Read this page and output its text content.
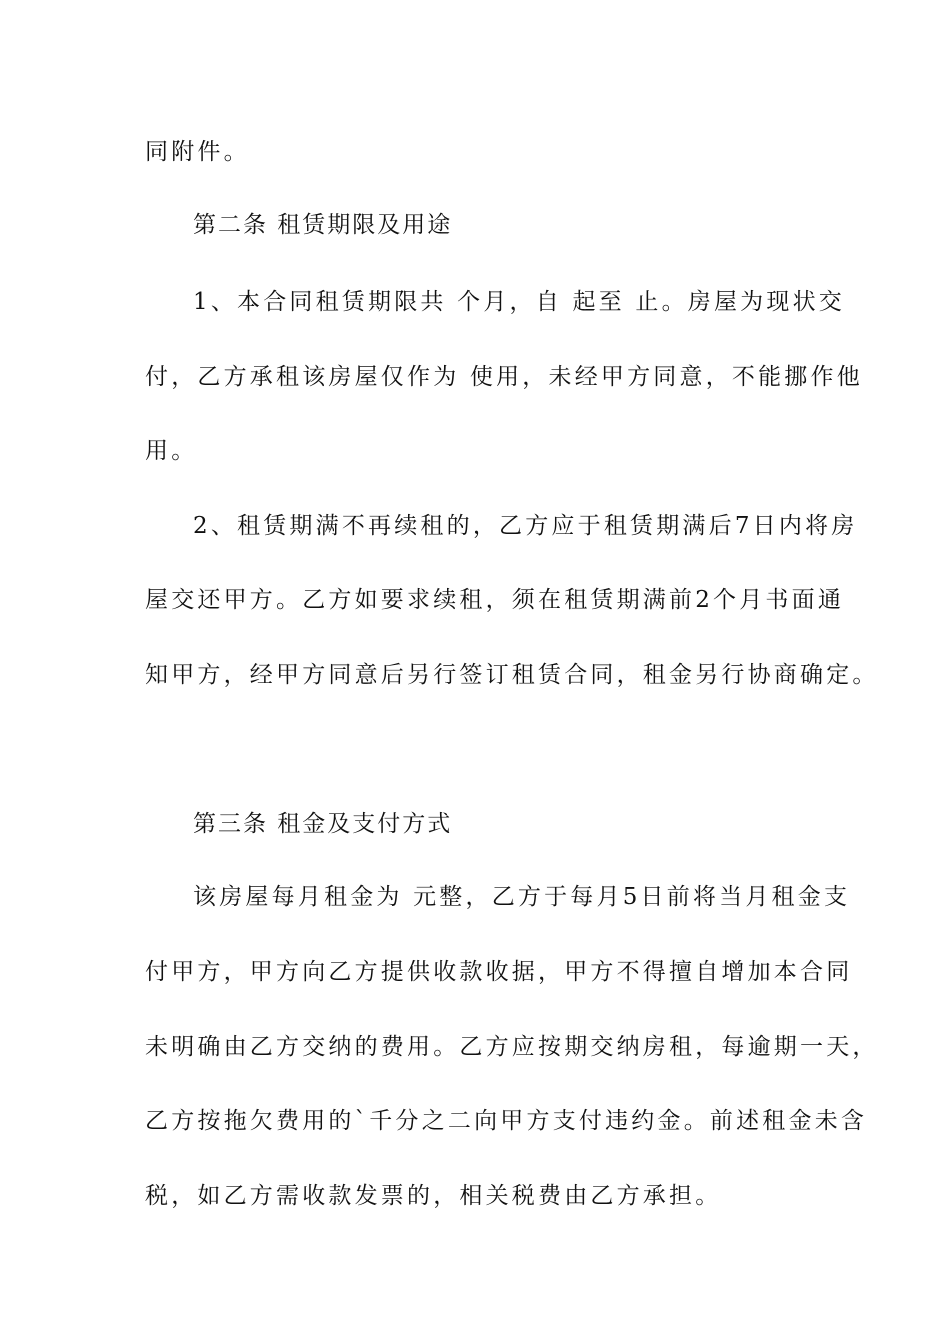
同附件。
第二条 租赁期限及用途
1、本合同租赁期限共 个月，自 起至 止。房屋为现状交
付，乙方承租该房屋仅作为 使用，未经甲方同意，不能挪作他
用。
2、租赁期满不再续租的，乙方应于租赁期满后7日内将房
屋交还甲方。乙方如要求续租，须在租赁期满前2个月书面通
知甲方，经甲方同意后另行签订租赁合同，租金另行协商确定。
第三条 租金及支付方式
该房屋每月租金为 元整，乙方于每月5日前将当月租金支
付甲方，甲方向乙方提供收款收据，甲方不得擅自增加本合同
未明确由乙方交纳的费用。乙方应按期交纳房租，每逾期一天，
乙方按拖欠费用的`千分之二向甲方支付违约金。前述租金未含
税，如乙方需收款发票的，相关税费由乙方承担。
